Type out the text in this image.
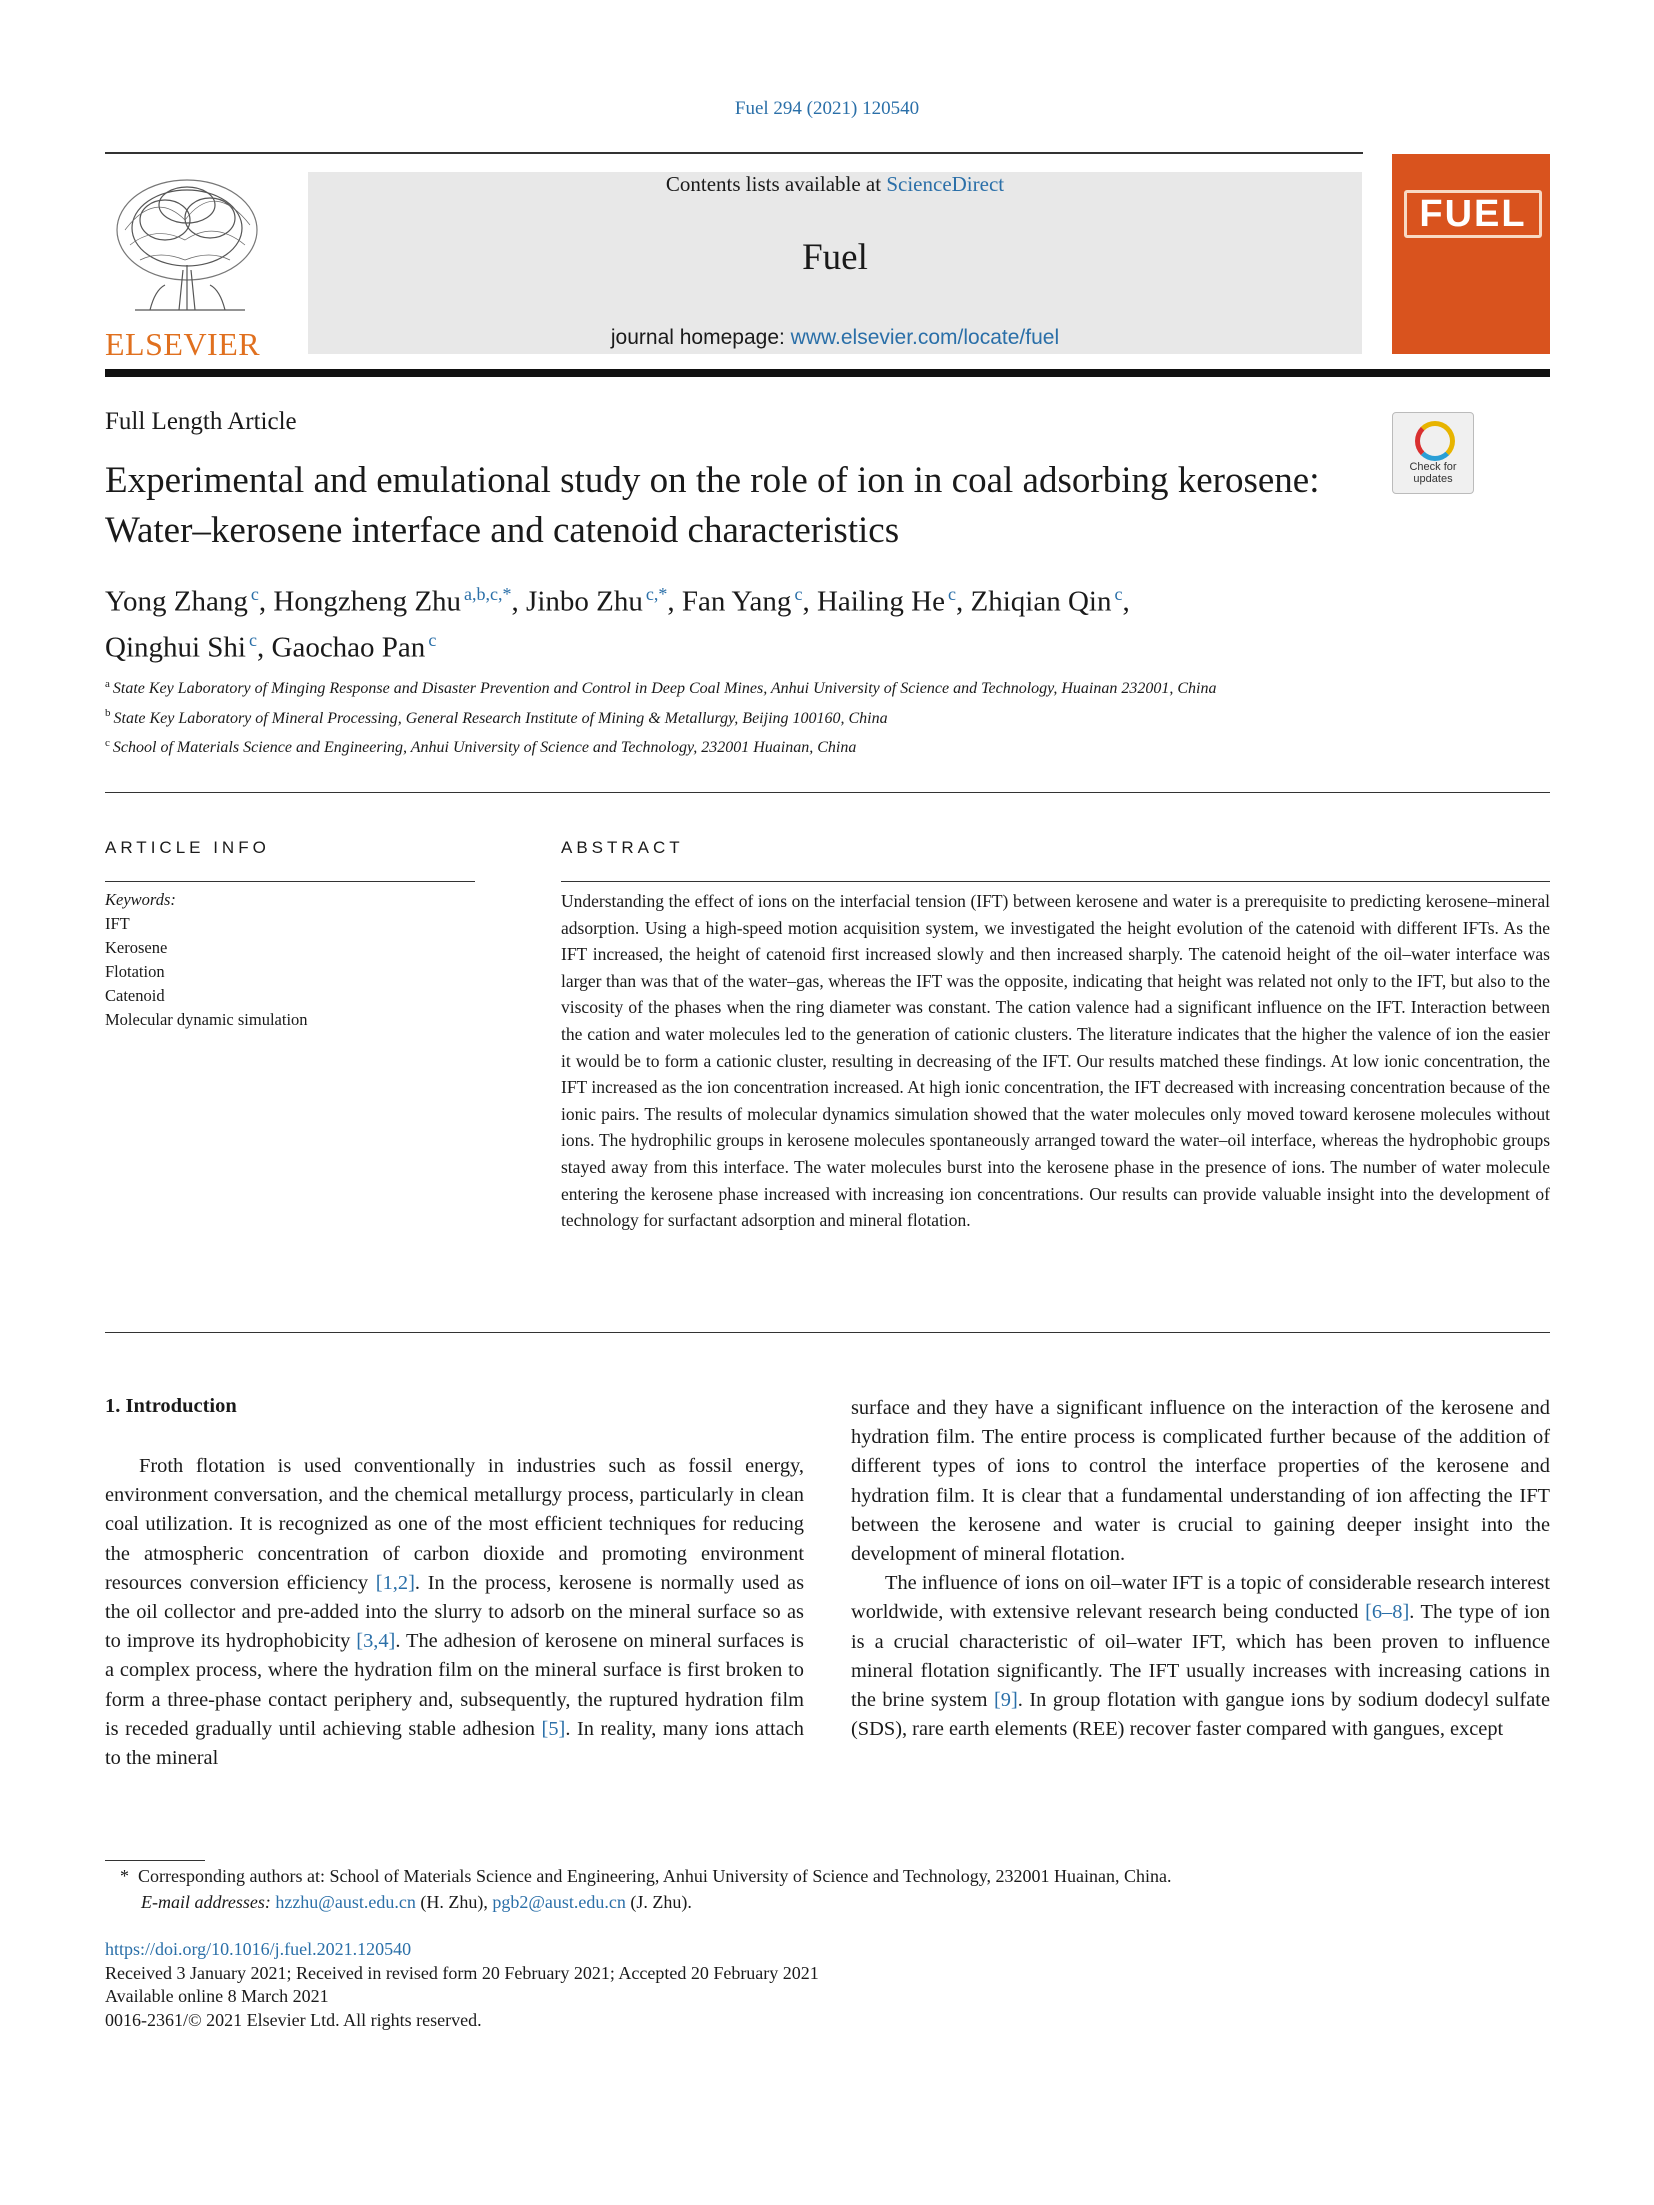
Fuel 294 (2021) 120540
ELSEVIER
Contents lists available at ScienceDirect
Fuel
journal homepage: www.elsevier.com/locate/fuel
FUEL
Full Length Article
Experimental and emulational study on the role of ion in coal adsorbing kerosene: Water–kerosene interface and catenoid characteristics
Check for updates
Yong Zhang $^c$, Hongzheng Zhu $^{a,b,c,*}$, Jinbo Zhu $^{c,*}$, Fan Yang $^c$, Hailing He $^c$, Zhiqian Qin $^c$,
Qinghui Shi $^c$, Gaochao Pan $^c$
$^a$ State Key Laboratory of Minging Response and Disaster Prevention and Control in Deep Coal Mines, Anhui University of Science and Technology, Huainan 232001, China
$^b$ State Key Laboratory of Mineral Processing, General Research Institute of Mining & Metallurgy, Beijing 100160, China
$^c$ School of Materials Science and Engineering, Anhui University of Science and Technology, 232001 Huainan, China
ARTICLE INFO	ABSTRACT
Keywords:
IFT
Kerosene
Flotation
Catenoid
Molecular dynamic simulation
Understanding the effect of ions on the interfacial tension (IFT) between kerosene and water is a prerequisite to predicting kerosene–mineral adsorption. Using a high-speed motion acquisition system, we investigated the height evolution of the catenoid with different IFTs. As the IFT increased, the height of catenoid first increased slowly and then increased sharply. The catenoid height of the oil–water interface was larger than was that of the water–gas, whereas the IFT was the opposite, indicating that height was related not only to the IFT, but also to the viscosity of the phases when the ring diameter was constant. The cation valence had a significant influence on the IFT. Interaction between the cation and water molecules led to the generation of cationic clusters. The literature indicates that the higher the valence of ion the easier it would be to form a cationic cluster, resulting in decreasing of the IFT. Our results matched these findings. At low ionic concentration, the IFT increased as the ion concentration increased. At high ionic concentration, the IFT decreased with increasing concentration because of the ionic pairs. The results of molecular dynamics simulation showed that the water molecules only moved toward kerosene molecules without ions. The hydrophilic groups in kerosene molecules spontaneously arranged toward the water–oil interface, whereas the hydrophobic groups stayed away from this interface. The water molecules burst into the kerosene phase in the presence of ions. The number of water molecule entering the kerosene phase increased with increasing ion concentrations. Our results can provide valuable insight into the development of technology for surfactant adsorption and mineral flotation.
1. Introduction

Froth flotation is used conventionally in industries such as fossil energy, environment conversation, and the chemical metallurgy process, particularly in clean coal utilization. It is recognized as one of the most efficient techniques for reducing the atmospheric concentration of carbon dioxide and promoting environment resources conversion efficiency [1,2]. In the process, kerosene is normally used as the oil collector and pre-added into the slurry to adsorb on the mineral surface so as to improve its hydrophobicity [3,4]. The adhesion of kerosene on mineral surfaces is a complex process, where the hydration film on the mineral surface is first broken to form a three-phase contact periphery and, subsequently, the ruptured hydration film is receded gradually until achieving stable adhesion [5]. In reality, many ions attach to the mineral

surface and they have a significant influence on the interaction of the kerosene and hydration film. The entire process is complicated further because of the addition of different types of ions to control the interface properties of the kerosene and hydration film. It is clear that a fundamental understanding of ion affecting the IFT between the kerosene and water is crucial to gaining deeper insight into the development of mineral flotation.

The influence of ions on oil–water IFT is a topic of considerable research interest worldwide, with extensive relevant research being conducted [6–8]. The type of ion is a crucial characteristic of oil–water IFT, which has been proven to influence mineral flotation significantly. The IFT usually increases with increasing cations in the brine system [9]. In group flotation with gangue ions by sodium dodecyl sulfate (SDS), rare earth elements (REE) recover faster compared with gangues, except

* Corresponding authors at: School of Materials Science and Engineering, Anhui University of Science and Technology, 232001 Huainan, China.
E-mail addresses: hzzhu@aust.edu.cn (H. Zhu), pgb2@aust.edu.cn (J. Zhu).
https://doi.org/10.1016/j.fuel.2021.120540
Received 3 January 2021; Received in revised form 20 February 2021; Accepted 20 February 2021
Available online 8 March 2021
0016-2361/© 2021 Elsevier Ltd. All rights reserved.
